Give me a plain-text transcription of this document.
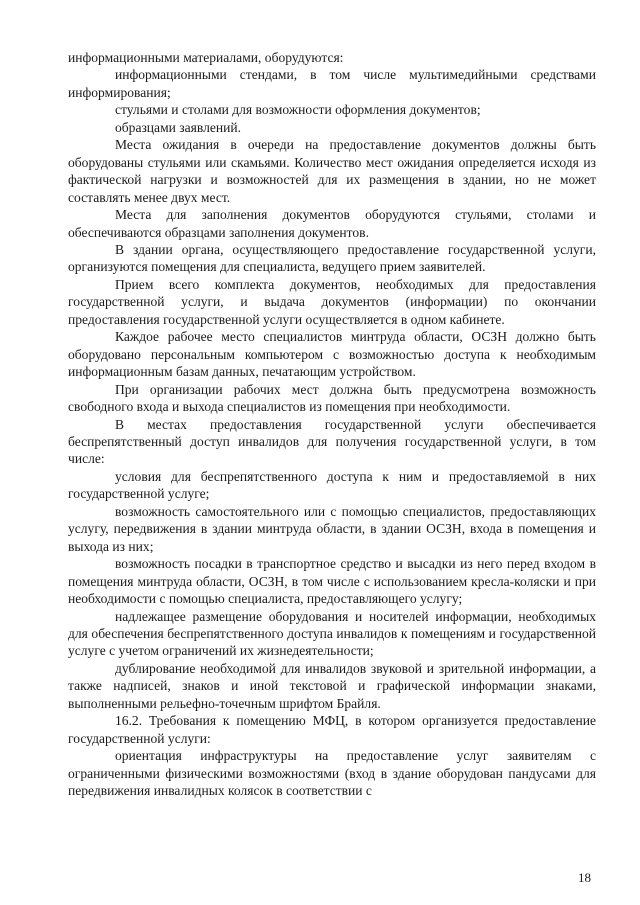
информационными материалами, оборудуются:

информационными стендами, в том числе мультимедийными средствами информирования;

стульями и столами для возможности оформления документов;

образцами заявлений.

Места ожидания в очереди на предоставление документов должны быть оборудованы стульями или скамьями. Количество мест ожидания определяется исходя из фактической нагрузки и возможностей для их размещения в здании, но не может составлять менее двух мест.

Места для заполнения документов оборудуются стульями, столами и обеспечиваются образцами заполнения документов.

В здании органа, осуществляющего предоставление государственной услуги, организуются помещения для специалиста, ведущего прием заявителей.

Прием всего комплекта документов, необходимых для предоставления государственной услуги, и выдача документов (информации) по окончании предоставления государственной услуги осуществляется в одном кабинете.

Каждое рабочее место специалистов минтруда области, ОСЗН должно быть оборудовано персональным компьютером с возможностью доступа к необходимым информационным базам данных, печатающим устройством.

При организации рабочих мест должна быть предусмотрена возможность свободного входа и выхода специалистов из помещения при необходимости.

В местах предоставления государственной услуги обеспечивается беспрепятственный доступ инвалидов для получения государственной услуги, в том числе:

условия для беспрепятственного доступа к ним и предоставляемой в них государственной услуге;

возможность самостоятельного или с помощью специалистов, предоставляющих услугу, передвижения в здании минтруда области, в здании ОСЗН, входа в помещения и выхода из них;

возможность посадки в транспортное средство и высадки из него перед входом в помещения минтруда области, ОСЗН, в том числе с использованием кресла-коляски и при необходимости с помощью специалиста, предоставляющего услугу;

надлежащее размещение оборудования и носителей информации, необходимых для обеспечения беспрепятственного доступа инвалидов к помещениям и государственной услуге с учетом ограничений их жизнедеятельности;

дублирование необходимой для инвалидов звуковой и зрительной информации, а также надписей, знаков и иной текстовой и графической информации знаками, выполненными рельефно-точечным шрифтом Брайля.

16.2. Требования к помещению МФЦ, в котором организуется предоставление государственной услуги:

ориентация инфраструктуры на предоставление услуг заявителям с ограниченными физическими возможностями (вход в здание оборудован пандусами для передвижения инвалидных колясок в соответствии с

18
